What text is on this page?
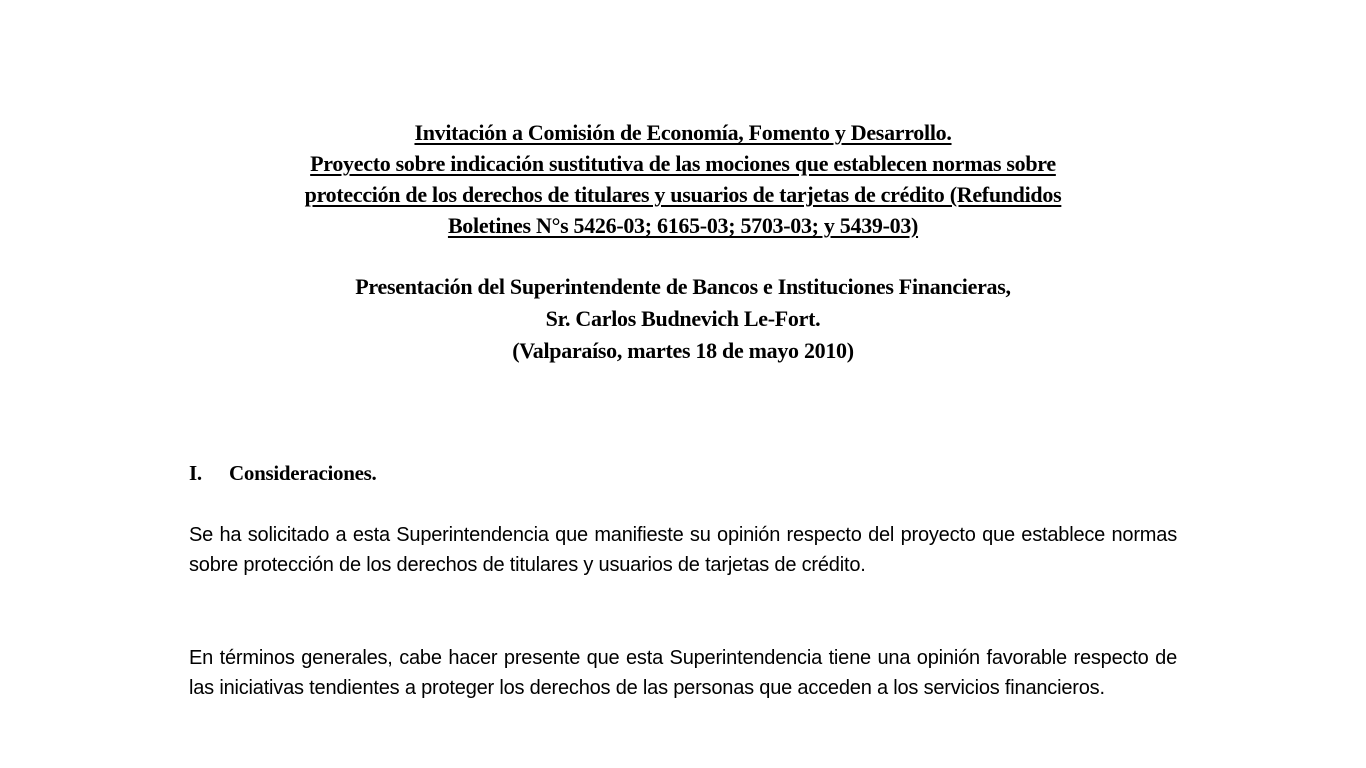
Invitación a Comisión de Economía, Fomento y Desarrollo.
Proyecto sobre indicación sustitutiva de las mociones que establecen normas sobre
protección de los derechos de titulares y usuarios de tarjetas de crédito (Refundidos
Boletines N°s 5426-03; 6165-03; 5703-03; y 5439-03)
Presentación del Superintendente de Bancos e Instituciones Financieras,
Sr. Carlos Budnevich Le-Fort.
(Valparaíso, martes 18 de mayo 2010)
I. Consideraciones.
Se ha solicitado a esta Superintendencia que manifieste su opinión respecto del proyecto que establece normas sobre protección de los derechos de titulares y usuarios de tarjetas de crédito.
En términos generales, cabe hacer presente que esta Superintendencia tiene una opinión favorable respecto de las iniciativas tendientes a proteger los derechos de las personas que acceden a los servicios financieros.
